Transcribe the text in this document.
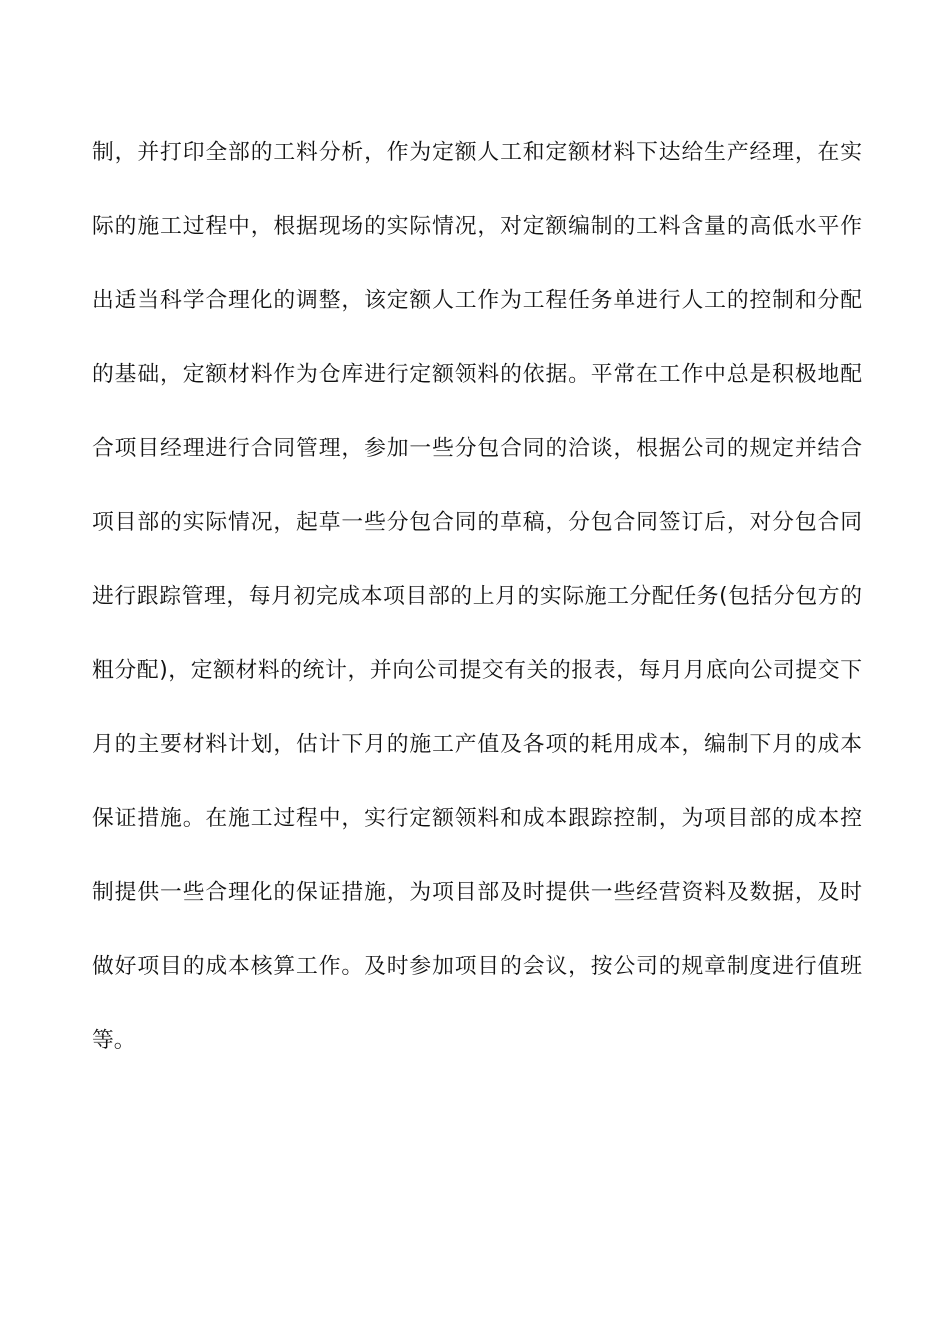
制，并打印全部的工料分析，作为定额人工和定额材料下达给生产经理，在实
际的施工过程中，根据现场的实际情况，对定额编制的工料含量的高低水平作
出适当科学合理化的调整，该定额人工作为工程任务单进行人工的控制和分配
的基础，定额材料作为仓库进行定额领料的依据。平常在工作中总是积极地配
合项目经理进行合同管理，参加一些分包合同的洽谈，根据公司的规定并结合
项目部的实际情况，起草一些分包合同的草稿，分包合同签订后，对分包合同
进行跟踪管理，每月初完成本项目部的上月的实际施工分配任务(包括分包方的
粗分配)，定额材料的统计，并向公司提交有关的报表，每月月底向公司提交下
月的主要材料计划，估计下月的施工产值及各项的耗用成本，编制下月的成本
保证措施。在施工过程中，实行定额领料和成本跟踪控制，为项目部的成本控
制提供一些合理化的保证措施，为项目部及时提供一些经营资料及数据，及时
做好项目的成本核算工作。及时参加项目的会议，按公司的规章制度进行值班
等。
